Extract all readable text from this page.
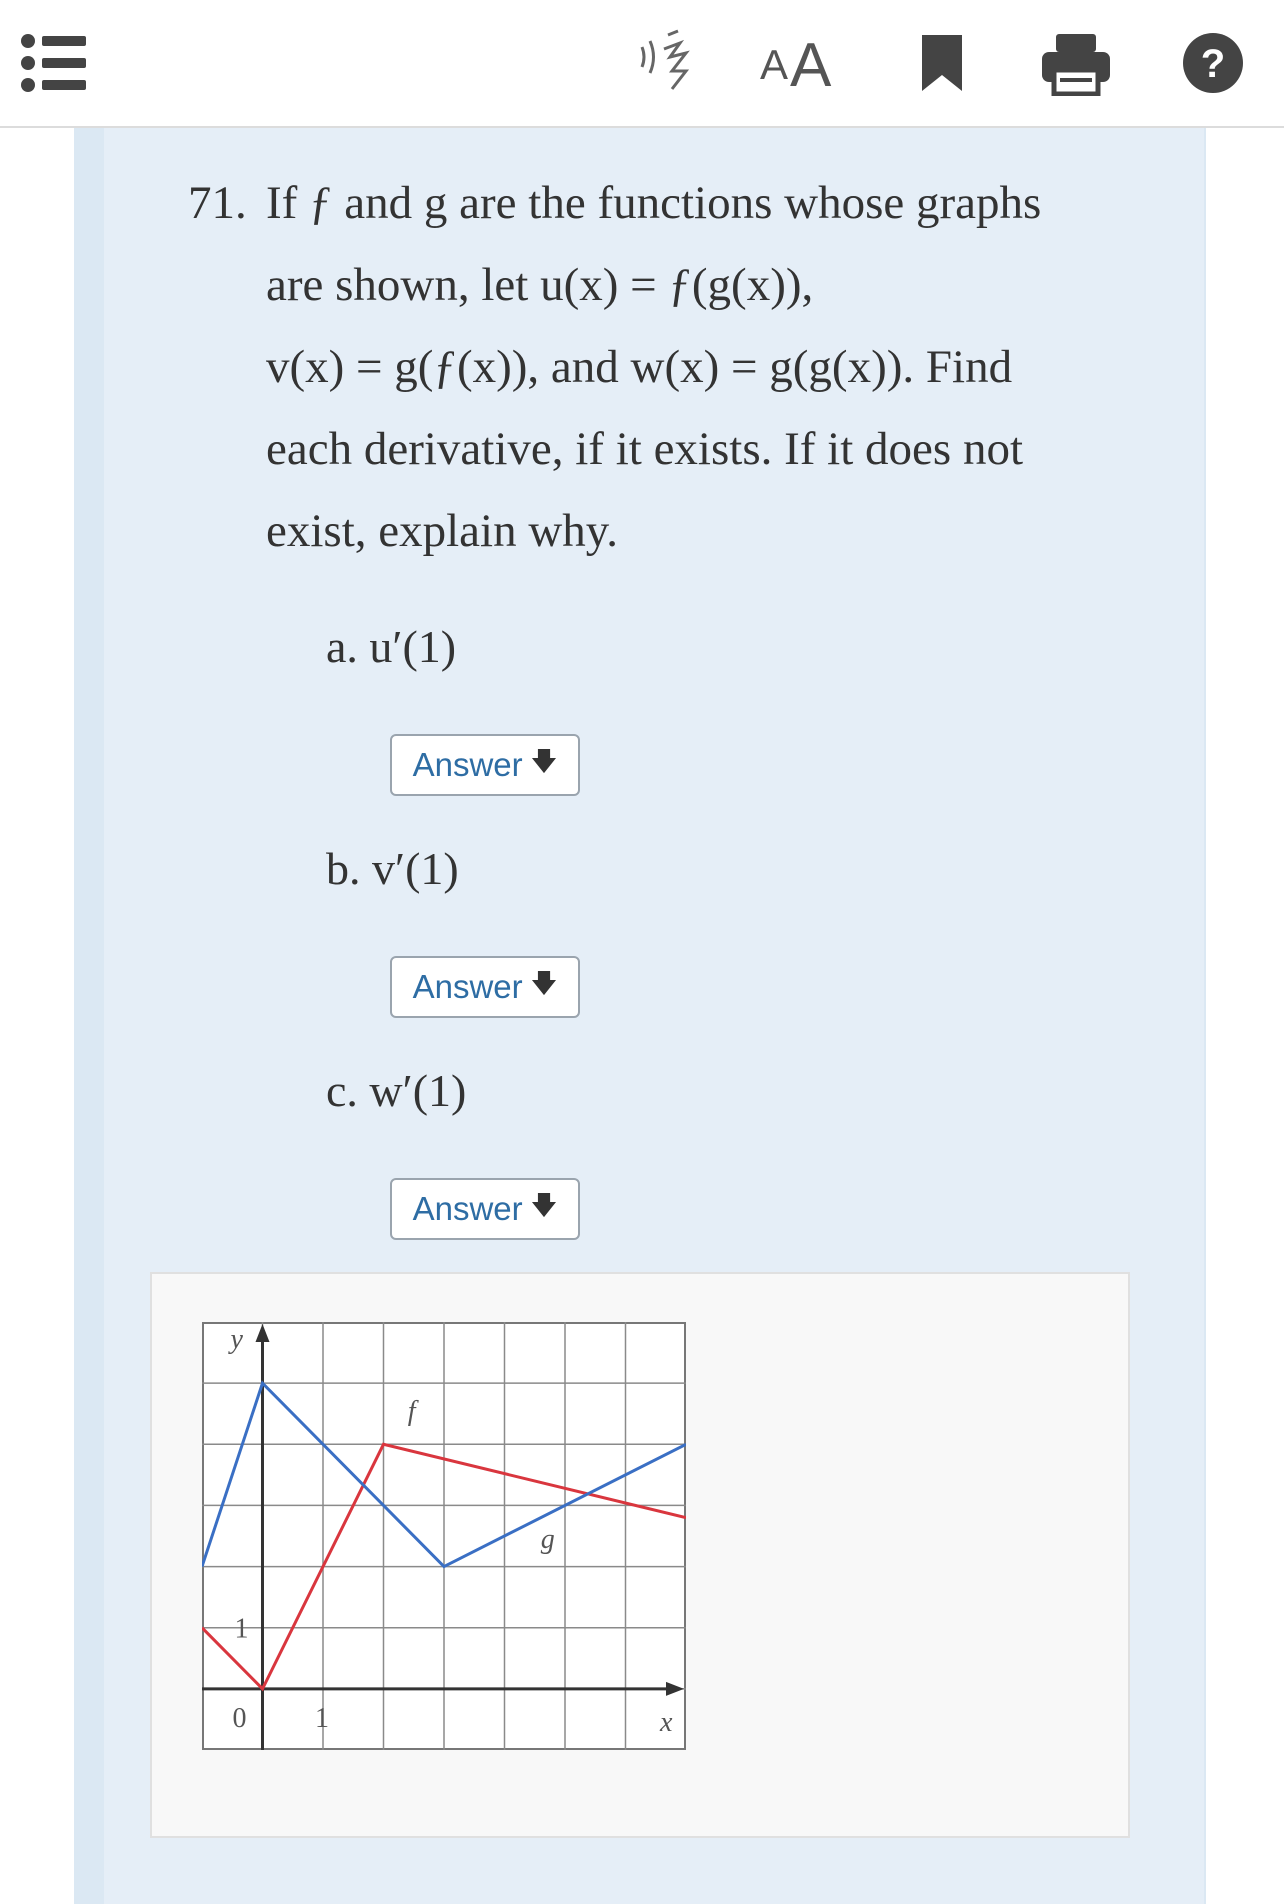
A A	?
71. If ƒ and g are the functions whose graphs
are shown, let u(x) = ƒ(g(x)),
v(x) = g(ƒ(x)), and w(x) = g(g(x)). Find
each derivative, if it exists. If it does not
exist, explain why.
a. u′(1)
Answer 🡇
b. v′(1)
Answer 🡇
c. w′(1)
Answer 🡇
f
g
y
x
0 1
1
